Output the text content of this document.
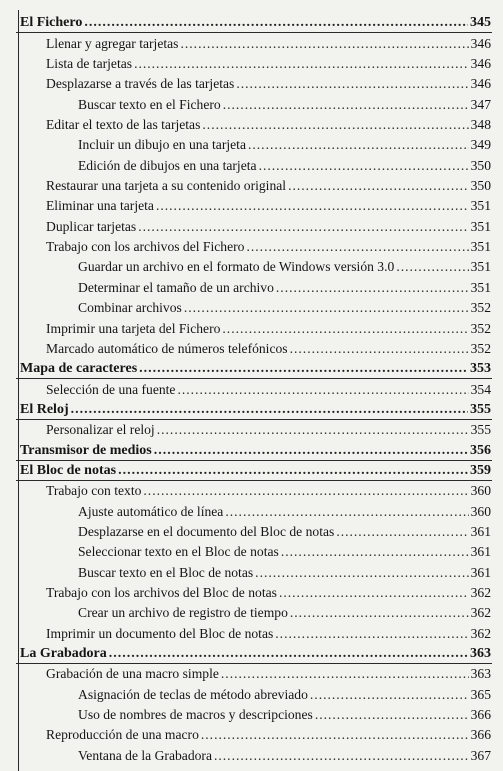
El Fichero .....	345
Llenar y agregar tarjetas .....	346
Lista de tarjetas .....	346
Desplazarse a través de las tarjetas .....	346
Buscar texto en el Fichero .....	347
Editar el texto de las tarjetas .....	348
Incluir un dibujo en una tarjeta .....	349
Edición de dibujos en una tarjeta .....	350
Restaurar una tarjeta a su contenido original .....	350
Eliminar una tarjeta .....	351
Duplicar tarjetas .....	351
Trabajo con los archivos del Fichero .....	351
Guardar un archivo en el formato de Windows versión 3.0 .....	351
Determinar el tamaño de un archivo .....	351
Combinar archivos .....	352
Imprimir una tarjeta del Fichero .....	352
Marcado automático de números telefónicos .....	352
Mapa de caracteres .....	353
Selección de una fuente .....	354
El Reloj .....	355
Personalizar el reloj .....	355
Transmisor de medios .....	356
El Bloc de notas .....	359
Trabajo con texto .....	360
Ajuste automático de línea .....	360
Desplazarse en el documento del Bloc de notas .....	361
Seleccionar texto en el Bloc de notas .....	361
Buscar texto en el Bloc de notas .....	361
Trabajo con los archivos del Bloc de notas .....	362
Crear un archivo de registro de tiempo .....	362
Imprimir un documento del Bloc de notas .....	362
La Grabadora .....	363
Grabación de una macro simple .....	363
Asignación de teclas de método abreviado .....	365
Uso de nombres de macros y descripciones .....	366
Reproducción de una macro .....	366
Ventana de la Grabadora .....	367
